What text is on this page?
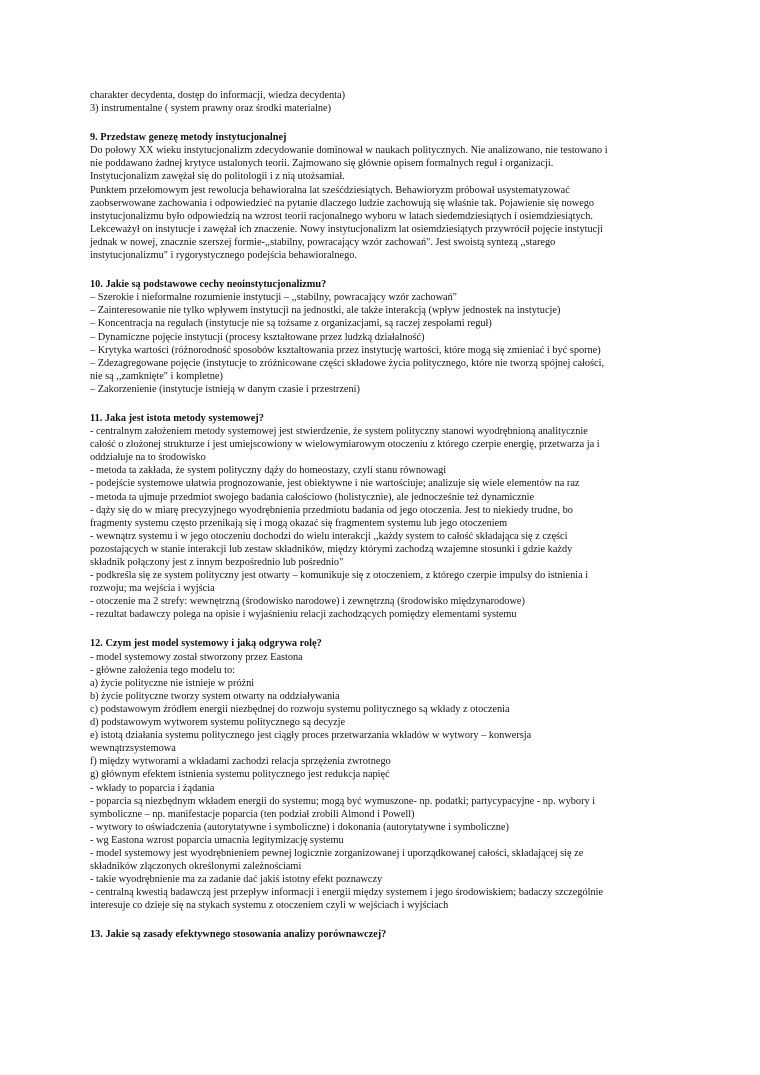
charakter decydenta, dostęp do informacji, wiedza decydenta)
3) instrumentalne ( system prawny oraz środki materialne)
9. Przedstaw genezę metody instytucjonalnej
Do połowy XX wieku instytucjonalizm zdecydowanie dominował w naukach politycznych. Nie analizowano, nie testowano i
nie poddawano żadnej krytyce ustalonych teorii. Zajmowano się głównie opisem formalnych reguł i organizacji.
Instytucjonalizm zawężał się do politologii i z nią utożsamiał.
Punktem przełomowym jest rewolucja behawioralna lat sześćdziesiątych. Behawioryzm próbował usystematyzować
zaobserwowane zachowania i odpowiedzieć na pytanie dlaczego ludzie zachowują się właśnie tak. Pojawienie się nowego
instytucjonalizmu było odpowiedzią na wzrost teorii racjonalnego wyboru w latach siedemdziesiątych i osiemdziesiątych.
Lekceważył on instytucje i zawężał ich znaczenie. Nowy instytucjonalizm lat osiemdziesiątych przywrócił pojęcie instytucji
jednak w nowej, znacznie szerszej formie-,,stabilny, powracający wzór zachowań". Jest swoistą syntezą ,,starego
instytucjonalizmu" i rygorystycznego podejścia behawioralnego.
10. Jakie są podstawowe cechy neoinstytucjonalizmu?
– Szerokie i nieformalne rozumienie instytucji – ,,stabilny, powracający wzór zachowań"
– Zainteresowanie nie tylko wpływem instytucji na jednostki, ale także interakcją (wpływ jednostek na instytucje)
– Koncentracja na regułach (instytucje nie są tożsame z organizacjami, są raczej zespołami reguł)
– Dynamiczne pojęcie instytucji (procesy kształtowane przez ludzką działalność)
– Krytyka wartości (różnorodność sposobów kształtowania przez instytucję wartości, które mogą się zmieniać i być sporne)
– Zdezagregowane pojęcie (instytucje to zróżnicowane części składowe życia politycznego, które nie tworzą spójnej całości,
nie są ,,zamknięte" i kompletne)
– Zakorzenienie (instytucje istnieją w danym czasie i przestrzeni)
11. Jaka jest istota metody systemowej?
- centralnym założeniem metody systemowej jest stwierdzenie, że system polityczny stanowi wyodrębnioną analitycznie
całość o złożonej strukturze i jest umiejscowiony w wielowymiarowym otoczeniu z którego czerpie energię, przetwarza ja i
oddziałuje na to środowisko
- metoda ta zakłada, że system polityczny dąży do homeostazy, czyli stanu równowagi
- podejście systemowe ułatwia prognozowanie, jest obiektywne i nie wartościuje; analizuje się wiele elementów na raz
- metoda ta ujmuje przedmiot swojego badania całościowo (holistycznie), ale jednocześnie też dynamicznie
- dąży się do w miarę precyzyjnego wyodrębnienia przedmiotu badania od jego otoczenia. Jest to niekiedy trudne, bo
fragmenty systemu często przenikają się i mogą okazać się fragmentem systemu lub jego otoczeniem
- wewnątrz systemu i w jego otoczeniu dochodzi do wielu interakcji ,,każdy system to całość składająca się z części
pozostających w stanie interakcji lub zestaw składników, między którymi zachodzą wzajemne stosunki i gdzie każdy
składnik połączony jest z innym bezpośrednio lub pośrednio"
- podkreśla się ze system polityczny jest otwarty – komunikuje się z otoczeniem, z którego czerpie impulsy do istnienia i
rozwoju; ma wejścia i wyjścia
- otoczenie ma 2 strefy: wewnętrzną (środowisko narodowe) i zewnętrzną (środowisko międzynarodowe)
- rezultat badawczy polega na opisie i wyjaśnieniu relacji zachodzących pomiędzy elementami systemu
12. Czym jest model systemowy i jaką odgrywa rolę?
- model systemowy został stworzony przez Eastona
- główne założenia tego modelu to:
a) życie polityczne nie istnieje w próżni
b) życie polityczne tworzy system otwarty na oddziaływania
c) podstawowym źródłem energii niezbędnej do rozwoju systemu politycznego są wkłady z otoczenia
d) podstawowym wytworem systemu politycznego są decyzje
e) istotą działania systemu politycznego jest ciągły proces przetwarzania wkładów w wytwory – konwersja
wewnątrzsystemowa
f) między wytworami a wkładami zachodzi relacja sprzężenia zwrotnego
g) głównym efektem istnienia systemu politycznego jest redukcja napięć
- wkłady to poparcia i żądania
- poparcia są niezbędnym wkładem energii do systemu; mogą być wymuszone- np. podatki; partycypacyjne - np. wybory i
symboliczne – np. manifestacje poparcia (ten podział zrobili Almond i Powell)
- wytwory to oświadczenia (autorytatywne i symboliczne) i dokonania (autorytatywne i symboliczne)
- wg Eastona wzrost poparcia umacnia legitymizację systemu
- model systemowy jest wyodrębnieniem pewnej logicznie zorganizowanej i uporządkowanej całości, składającej się ze
składników złączonych określonymi zależnościami
- takie wyodrębnienie ma za zadanie dać jakiś istotny efekt poznawczy
- centralną kwestią badawczą jest przepływ informacji i energii między systemem i jego środowiskiem; badaczy szczególnie
interesuje co dzieje się na stykach systemu z otoczeniem czyli w wejściach i wyjściach
13. Jakie są zasady efektywnego stosowania analizy porównawczej?
